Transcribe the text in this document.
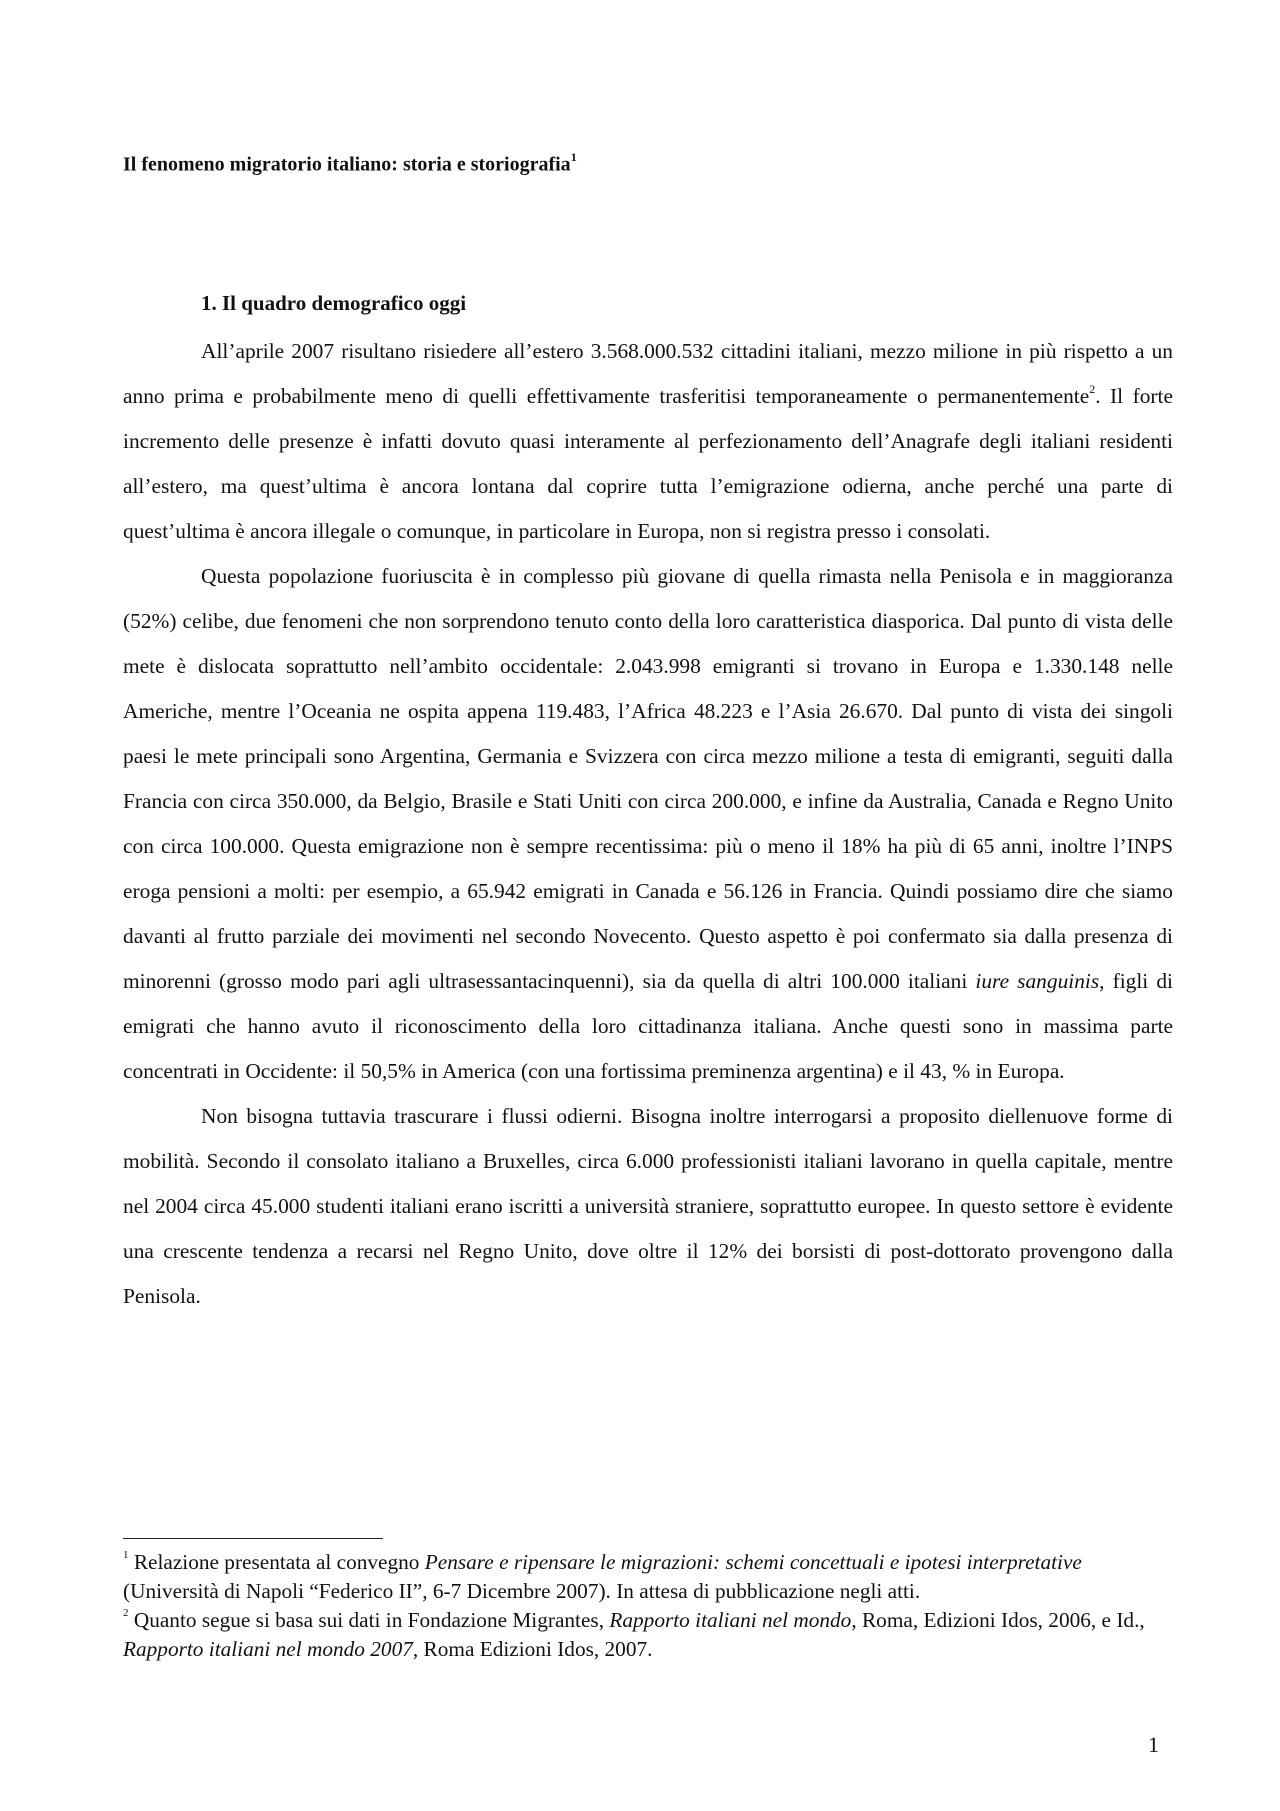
Il fenomeno migratorio italiano: storia e storiografia$^1$
1. Il quadro demografico oggi

All’aprile 2007 risultano risiedere all’estero 3.568.000.532 cittadini italiani, mezzo milione in più rispetto a un anno prima e probabilmente meno di quelli effettivamente trasferitisi temporaneamente o permanentemente$^2$. Il forte incremento delle presenze è infatti dovuto quasi interamente al perfezionamento dell’Anagrafe degli italiani residenti all’estero, ma quest’ultima è ancora lontana dal coprire tutta l’emigrazione odierna, anche perché una parte di quest’ultima è ancora illegale o comunque, in particolare in Europa, non si registra presso i consolati.

Questa popolazione fuoriuscita è in complesso più giovane di quella rimasta nella Penisola e in maggioranza (52%) celibe, due fenomeni che non sorprendono tenuto conto della loro caratteristica diasporica. Dal punto di vista delle mete è dislocata soprattutto nell’ambito occidentale: 2.043.998 emigranti si trovano in Europa e 1.330.148 nelle Americhe, mentre l’Oceania ne ospita appena 119.483, l’Africa 48.223 e l’Asia 26.670. Dal punto di vista dei singoli paesi le mete principali sono Argentina, Germania e Svizzera con circa mezzo milione a testa di emigranti, seguiti dalla Francia con circa 350.000, da Belgio, Brasile e Stati Uniti con circa 200.000, e infine da Australia, Canada e Regno Unito con circa 100.000. Questa emigrazione non è sempre recentissima: più o meno il 18% ha più di 65 anni, inoltre l’INPS eroga pensioni a molti: per esempio, a 65.942 emigrati in Canada e 56.126 in Francia. Quindi possiamo dire che siamo davanti al frutto parziale dei movimenti nel secondo Novecento. Questo aspetto è poi confermato sia dalla presenza di minorenni (grosso modo pari agli ultrasessantacinquenni), sia da quella di altri 100.000 italiani iure sanguinis, figli di emigrati che hanno avuto il riconoscimento della loro cittadinanza italiana. Anche questi sono in massima parte concentrati in Occidente: il 50,5% in America (con una fortissima preminenza argentina) e il 43, % in Europa.

Non bisogna tuttavia trascurare i flussi odierni. Bisogna inoltre interrogarsi a proposito diellenuove forme di mobilità. Secondo il consolato italiano a Bruxelles, circa 6.000 professionisti italiani lavorano in quella capitale, mentre nel 2004 circa 45.000 studenti italiani erano iscritti a università straniere, soprattutto europee. In questo settore è evidente una crescente tendenza a recarsi nel Regno Unito, dove oltre il 12% dei borsisti di post-dottorato provengono dalla Penisola.

$^1$ Relazione presentata al convegno Pensare e ripensare le migrazioni: schemi concettuali e ipotesi interpretative (Università di Napoli “Federico II”, 6-7 Dicembre 2007). In attesa di pubblicazione negli atti.

$^2$ Quanto segue si basa sui dati in Fondazione Migrantes, Rapporto italiani nel mondo, Roma, Edizioni Idos, 2006, e Id., Rapporto italiani nel mondo 2007, Roma Edizioni Idos, 2007.

1
